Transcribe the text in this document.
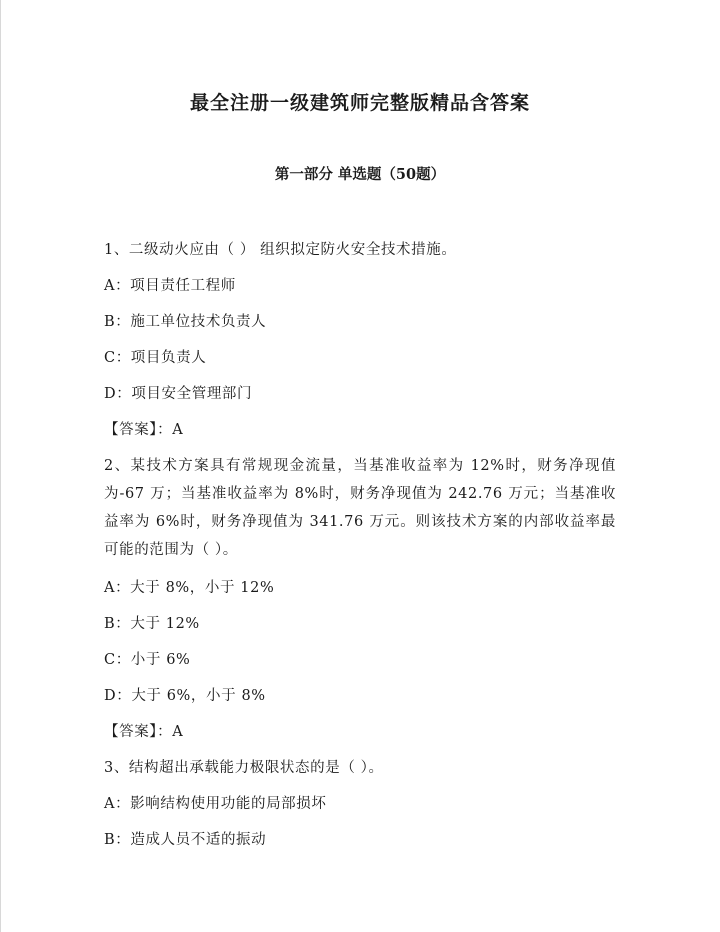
最全注册一级建筑师完整版精品含答案
第一部分 单选题（50题）
1、二级动火应由（ ） 组织拟定防火安全技术措施。
A：项目责任工程师
B：施工单位技术负责人
C：项目负责人
D：项目安全管理部门
【答案】：A
2、某技术方案具有常规现金流量，当基准收益率为 12%时，财务净现值为-67 万；当基准收益率为 8%时，财务净现值为 242.76 万元；当基准收益率为 6%时，财务净现值为 341.76 万元。则该技术方案的内部收益率最可能的范围为（ ）。
A：大于 8%，小于 12%
B：大于 12%
C：小于 6%
D：大于 6%，小于 8%
【答案】：A
3、结构超出承载能力极限状态的是（ ）。
A：影响结构使用功能的局部损坏
B：造成人员不适的振动
